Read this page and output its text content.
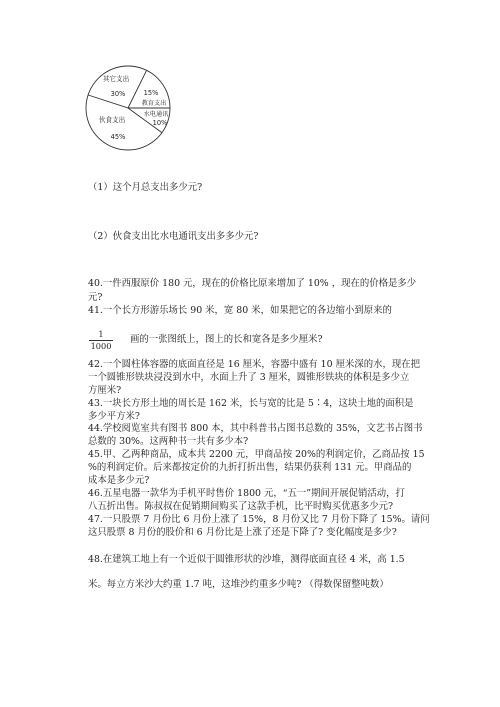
其它支出
30%	15%
教育支出
水电通讯
10%
伙食支出
45%
（1）这个月总支出多少元?
（2）伙食支出比水电通讯支出多多少元?
40.一件西服原价 180 元，现在的价格比原来增加了 10% ，现在的价格是多少
元?
41.一个长方形游乐场长 90 米，宽 80 米，如果把它的各边缩小到原来的
1
1000
画的一张图纸上，图上的长和宽各是多少厘米?
42.一个圆柱体容器的底面直径是 16 厘米，容器中盛有 10 厘米深的水，现在把
一个圆锥形铁块浸没到水中，水面上升了 3 厘米，圆锥形铁块的体积是多少立
方厘米?
43.一块长方形土地的周长是 162 米，长与宽的比是 5∶4，这块土地的面积是
多少平方米?
44.学校阅览室共有图书 800 本，其中科普书占图书总数的 35%，文艺书占图书
总数的 30%。这两种书一共有多少本?
45.甲、乙两种商品，成本共 2200 元，甲商品按 20%的利润定价，乙商品按 15
%的利润定价。后来都按定价的九折打折出售，结果仍获利 131 元。甲商品的
成本是多少元?
46.五星电器一款华为手机平时售价 1800 元，“五一”期间开展促销活动，打
八五折出售。陈叔叔在促销期间购买了这款手机，比平时购买优惠多少元?
47.一只股票 7 月份比 6 月份上涨了 15%，8 月份又比 7 月份下降了 15%。请问
这只股票 8 月份的股价和 6 月份比是上涨了还是下降了? 变化幅度是多少?
48.在建筑工地上有一个近似于圆锥形状的沙堆，测得底面直径 4 米，高 1.5
米。每立方米沙大约重 1.7 吨，这堆沙约重多少吨? （得数保留整吨数）
